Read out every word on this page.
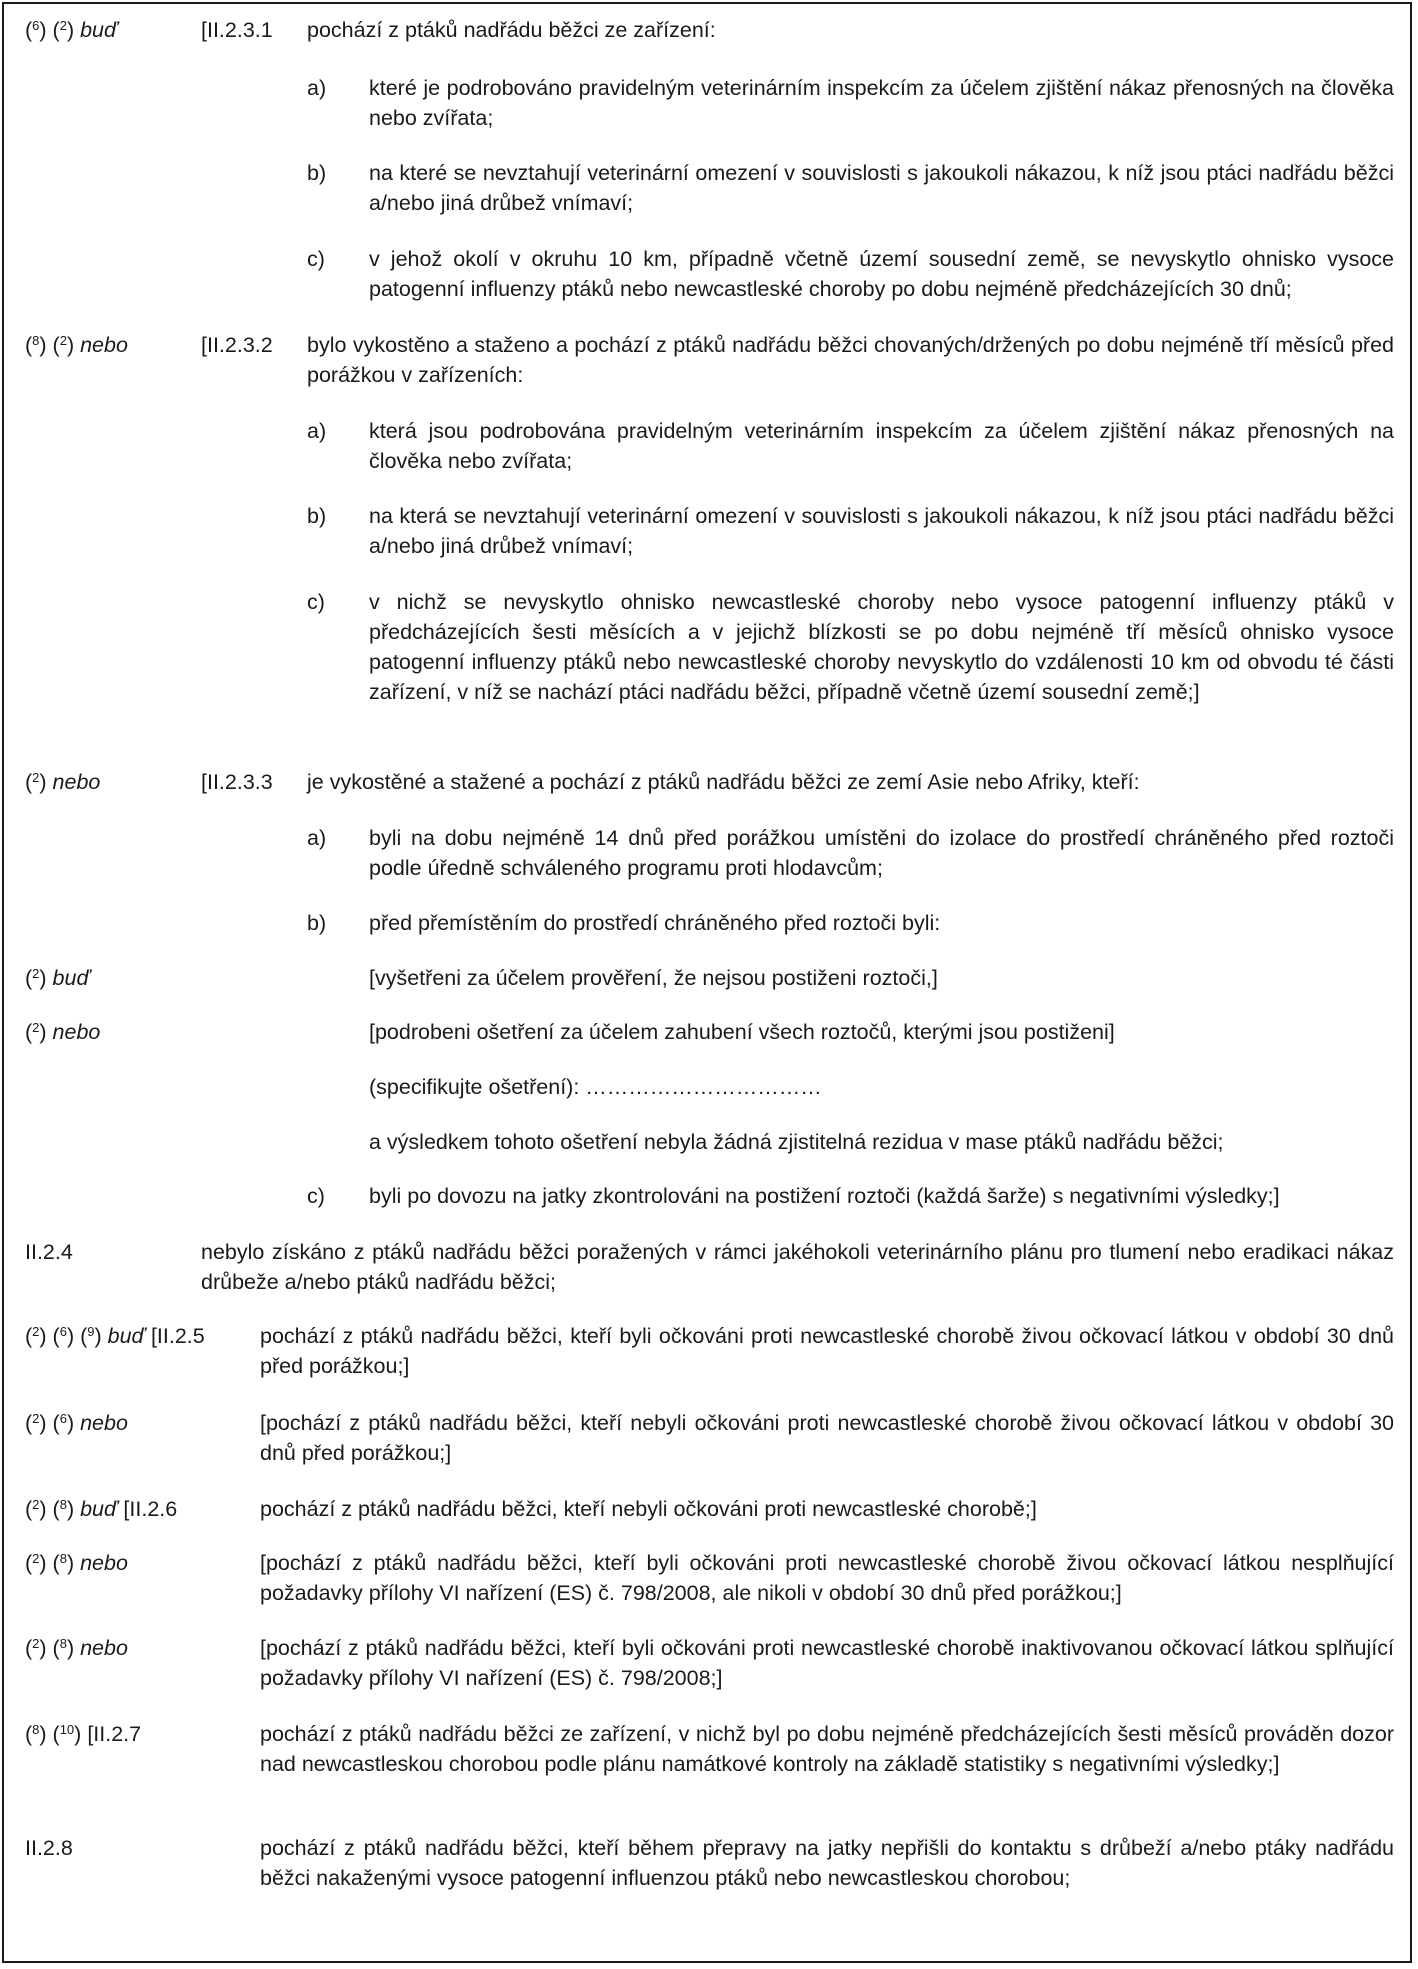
($^6$) ($^2$) buď	[II.2.3.1 pochází z ptáků nadřádu běžci ze zařízení:
a) které je podrobováno pravidelným veterinárním inspekcím za účelem zjištění nákaz přenosných na člověka nebo zvířata;
b) na které se nevztahují veterinární omezení v souvislosti s jakoukoli nákazou, k níž jsou ptáci nadřádu běžci a/nebo jiná drůbež vnímaví;
c) v jehož okolí v okruhu 10 km, případně včetně území sousední země, se nevyskytlo ohnisko vysoce patogenní influenzy ptáků nebo newcastleské choroby po dobu nejméně předcházejících 30 dnů;
($^8$) ($^2$) nebo	[II.2.3.2 bylo vykostěno a staženo a pochází z ptáků nadřádu běžci chovaných/držených po dobu nejméně tří měsíců před porážkou v zařízeních:
a) která jsou podrobována pravidelným veterinárním inspekcím za účelem zjištění nákaz přenosných na člověka nebo zvířata;
b) na která se nevztahují veterinární omezení v souvislosti s jakoukoli nákazou, k níž jsou ptáci nadřádu běžci a/nebo jiná drůbež vnímaví;
c) v nichž se nevyskytlo ohnisko newcastleské choroby nebo vysoce patogenní influenzy ptáků v předcházejících šesti měsících a v jejichž blízkosti se po dobu nejméně tří měsíců ohnisko vysoce patogenní influenzy ptáků nebo newcastleské choroby nevyskytlo do vzdálenosti 10 km od obvodu té části zařízení, v níž se nachází ptáci nadřádu běžci, případně včetně území sousední země;]
($^2$) nebo	[II.2.3.3 je vykostěné a stažené a pochází z ptáků nadřádu běžci ze zemí Asie nebo Afriky, kteří:
a) byli na dobu nejméně 14 dnů před porážkou umístěni do izolace do prostředí chráněného před roztoči podle úředně schváleného programu proti hlodavcům;
b) před přemístěním do prostředí chráněného před roztoči byli:
($^2$) buď	[vyšetřeni za účelem prověření, že nejsou postiženi roztoči,]
($^2$) nebo	[podrobeni ošetření za účelem zahubení všech roztočů, kterými jsou postiženi]
(specifikujte ošetření): ……………………………
a výsledkem tohoto ošetření nebyla žádná zjistitelná rezidua v mase ptáků nadřádu běžci;
c) byli po dovozu na jatky zkontrolováni na postižení roztoči (každá šarže) s negativními výsledky;]
II.2.4	nebylo získáno z ptáků nadřádu běžci poražených v rámci jakéhokoli veterinárního plánu pro tlumení nebo eradikaci nákaz drůbeže a/nebo ptáků nadřádu běžci;
($^2$) ($^6$) ($^9$) buď [II.2.5	pochází z ptáků nadřádu běžci, kteří byli očkováni proti newcastleské chorobě živou očkovací látkou v období 30 dnů před porážkou;]
($^2$) ($^6$) nebo	[pochází z ptáků nadřádu běžci, kteří nebyli očkováni proti newcastleské chorobě živou očkovací látkou v období 30 dnů před porážkou;]
($^2$) ($^8$) buď [II.2.6	pochází z ptáků nadřádu běžci, kteří nebyli očkováni proti newcastleské chorobě;]
($^2$) ($^8$) nebo	[pochází z ptáků nadřádu běžci, kteří byli očkováni proti newcastleské chorobě živou očkovací látkou nesplňující požadavky přílohy VI nařízení (ES) č. 798/2008, ale nikoli v období 30 dnů před porážkou;]
($^2$) ($^8$) nebo	[pochází z ptáků nadřádu běžci, kteří byli očkováni proti newcastleské chorobě inaktivovanou očkovací látkou splňující požadavky přílohy VI nařízení (ES) č. 798/2008;]
($^8$) ($^{10}$) [II.2.7	pochází z ptáků nadřádu běžci ze zařízení, v nichž byl po dobu nejméně předcházejících šesti měsíců prováděn dozor nad newcastleskou chorobou podle plánu namátkové kontroly na základě statistiky s negativními výsledky;]
II.2.8	pochází z ptáků nadřádu běžci, kteří během přepravy na jatky nepřišli do kontaktu s drůbeží a/nebo ptáky nadřádu běžci nakaženými vysoce patogenní influenzou ptáků nebo newcastleskou chorobou;
